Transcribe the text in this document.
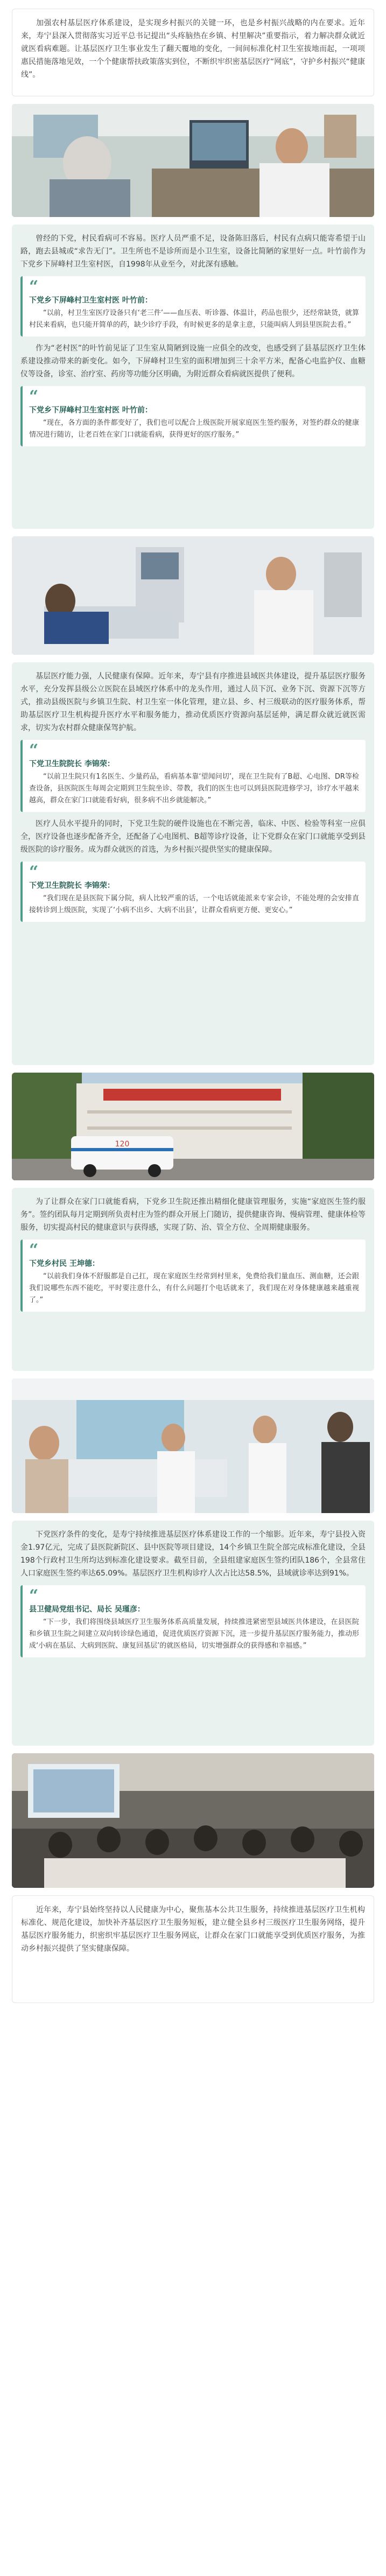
加强农村基层医疗体系建设，是实现乡村振兴的关键一环，也是乡村振兴战略的内在要求。近年来，寿宁县深入贯彻落实习近平总书记提出“头疼脑热在乡镇、村里解决”重要指示，着力解决群众就近就医看病难题。让基层医疗卫生事业发生了翻天覆地的变化，一间间标准化村卫生室拔地而起，一项项惠民措施落地见效，一个个健康帮扶政策落实到位，不断织牢织密基层医疗“网底”，守护乡村振兴“健康线”。

曾经的下党，村民看病可不容易。医疗人员严重不足，设备陈旧落后，村民有点病只能寄希望于山路，跑去县城或“求告无门”。卫生所也不是诊所而是小卫生室，设备比简陋的家里好一点。叶竹前作为下党乡下屏峰村卫生室村医，自1998年从业至今，对此深有感触。

“
下党乡下屏峰村卫生室村医 叶竹前：
“以前，村卫生室医疗设备只有‘老三件’——血压表、听诊器、体温计，药品也很少，还经常缺货，就算村民来看病，也只能开简单的药，缺少诊疗手段，有时候更多的是拿主意，只能叫病人到县里医院去看。”

作为“老村医”的叶竹前见证了卫生室从简陋到设施一应俱全的改变，也感受到了县基层医疗卫生体系建设推动带来的新变化。如今，下屏峰村卫生室的面积增加到三十余平方米，配备心电监护仪、血糖仪等设备，诊室、治疗室、药房等功能分区明确，为附近群众看病就医提供了便利。

“
下党乡下屏峰村卫生室村医 叶竹前：
“现在，各方面的条件都变好了，我们也可以配合上级医院开展家庭医生签约服务，对签约群众的健康情况进行随访，让老百姓在家门口就能看病，获得更好的医疗服务。”

基层医疗能力强，人民健康有保障。近年来，寿宁县有序推进县域医共体建设，提升基层医疗服务水平，充分发挥县级公立医院在县域医疗体系中的龙头作用，通过人员下沉、业务下沉、资源下沉等方式，推动县级医院与乡镇卫生院、村卫生室一体化管理，建立县、乡、村三级联动的医疗服务体系，帮助基层医疗卫生机构提升医疗水平和服务能力，推动优质医疗资源向基层延伸，满足群众就近就医需求，切实为农村群众健康保驾护航。

“
下党卫生院院长 李锦荣：
“以前卫生院只有1名医生、少量药品，看病基本靠‘望闻问切’，现在卫生院有了B超、心电图、DR等检查设备，县医院医生每周会定期到卫生院坐诊、带教，我们的医生也可以到县医院进修学习，诊疗水平越来越高，群众在家门口就能看好病，很多病不出乡就能解决。”

医疗人员水平提升的同时，下党卫生院的硬件设施也在不断完善，临床、中医、检验等科室一应俱全，医疗设备也逐步配备齐全，还配备了心电图机、B超等诊疗设备，让下党群众在家门口就能享受到县级医院的诊疗服务。成为群众就医的首选，为乡村振兴提供坚实的健康保障。

“
下党卫生院院长 李锦荣：
“我们现在是县医院下属分院，病人比较严重的话，一个电话就能派来专家会诊，不能处理的会安排直接转诊到上级医院，实现了‘小病不出乡、大病不出县’，让群众看病更方便、更安心。”
120

为了让群众在家门口就能看病，下党乡卫生院还推出精细化健康管理服务，实施“家庭医生签约服务”。签约团队每月定期到所负责村庄为签约群众开展上门随访，提供健康咨询、慢病管理、健康体检等服务，切实提高村民的健康意识与获得感，实现了防、治、管全方位、全周期健康服务。

“
下党乡村民 王坤德：
“以前我们身体不舒服都是自己扛，现在家庭医生经常到村里来，免费给我们量血压、测血糖，还会跟我们说哪些东西不能吃，平时要注意什么，有什么问题打个电话就来了，我们现在对身体健康越来越重视了。”

下党医疗条件的变化，是寿宁持续推进基层医疗体系建设工作的一个缩影。近年来，寿宁县投入资金1.97亿元，完成了县医院新院区、县中医院等项目建设，14个乡镇卫生院全部完成标准化建设，全县198个行政村卫生所均达到标准化建设要求。截至目前，全县组建家庭医生签约团队186个，全县常住人口家庭医生签约率达65.09%。基层医疗卫生机构诊疗人次占比达58.5%，县域就诊率达到91%。

“
县卫健局党组书记、局长 吴瑾彦：
“下一步，我们将围绕县域医疗卫生服务体系高质量发展，持续推进紧密型县域医共体建设，在县医院和乡镇卫生院之间建立双向转诊绿色通道，促进优质医疗资源下沉，进一步提升基层医疗服务能力，推动形成‘小病在基层、大病到医院、康复回基层’的就医格局，切实增强群众的获得感和幸福感。”
近年来，寿宁县始终坚持以人民健康为中心，聚焦基本公共卫生服务，持续推进基层医疗卫生机构标准化、规范化建设，加快补齐基层医疗卫生服务短板，建立健全县乡村三级医疗卫生服务网络，提升基层医疗服务能力，织密织牢基层医疗卫生服务网底，让群众在家门口就能享受到优质医疗服务，为推动乡村振兴提供了坚实健康保障。
